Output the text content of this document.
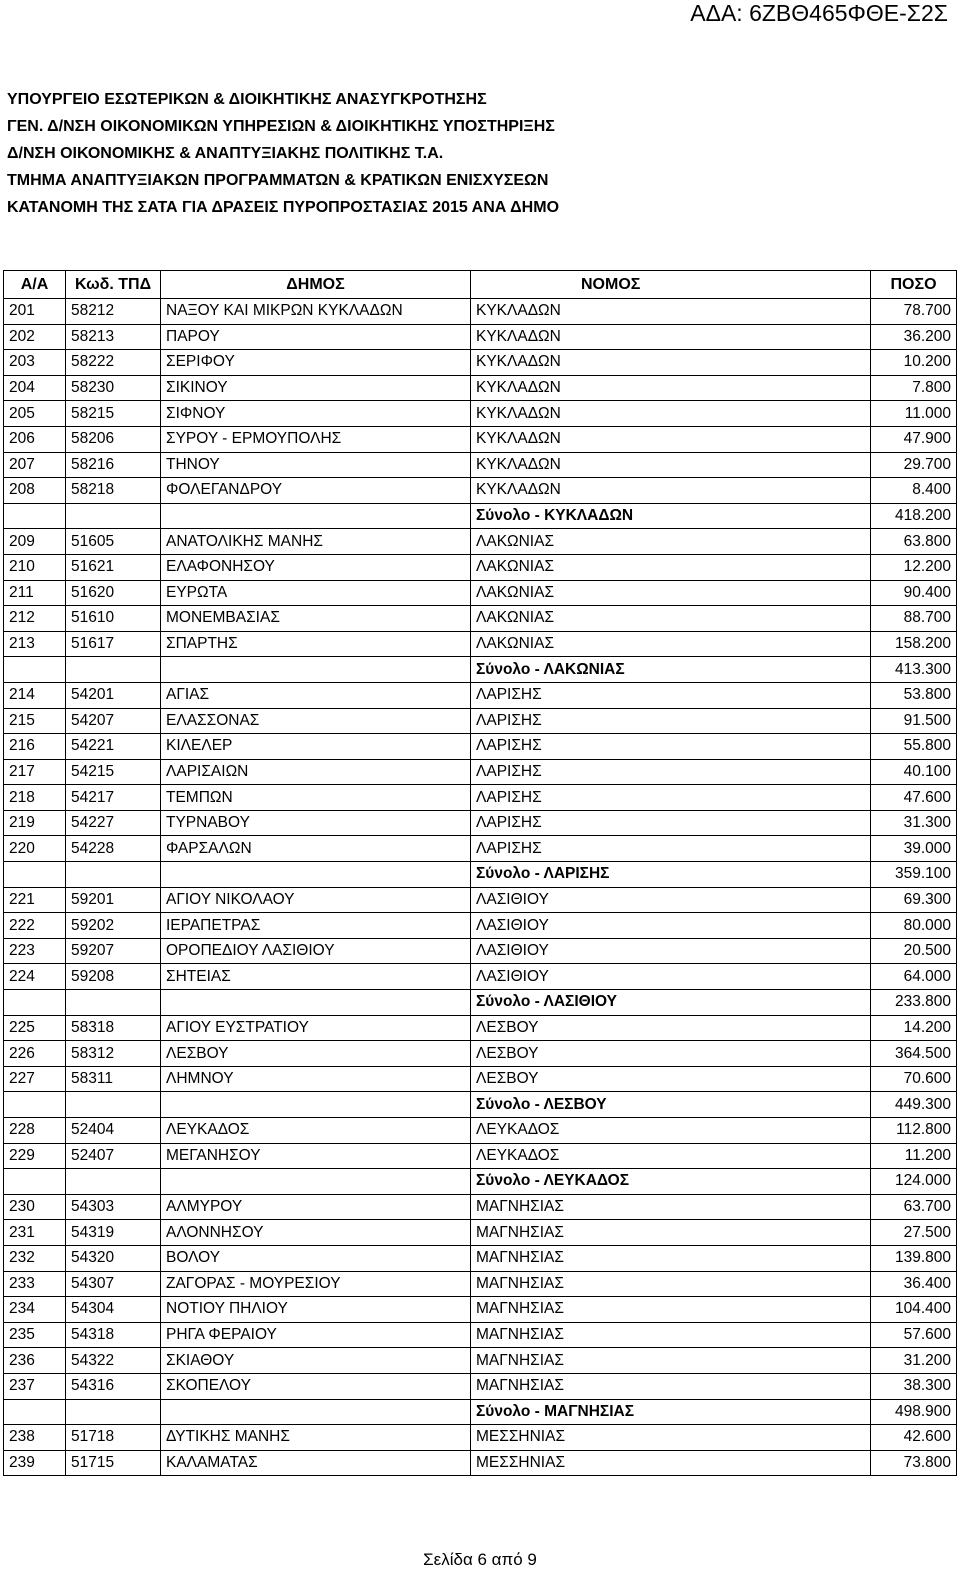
ΑΔΑ: 6ΖΒΘ465ΦΘΕ-Σ2Σ
ΥΠΟΥΡΓΕΙΟ ΕΣΩΤΕΡΙΚΩΝ & ΔΙΟΙΚΗΤΙΚΗΣ ΑΝΑΣΥΓΚΡΟΤΗΣΗΣ
ΓΕΝ. Δ/ΝΣΗ ΟΙΚΟΝΟΜΙΚΩΝ ΥΠΗΡΕΣΙΩΝ & ΔΙΟΙΚΗΤΙΚΗΣ ΥΠΟΣΤΗΡΙΞΗΣ
Δ/ΝΣΗ ΟΙΚΟΝΟΜΙΚΗΣ & ΑΝΑΠΤΥΞΙΑΚΗΣ ΠΟΛΙΤΙΚΗΣ Τ.Α.
ΤΜΗΜΑ ΑΝΑΠΤΥΞΙΑΚΩΝ ΠΡΟΓΡΑΜΜΑΤΩΝ & ΚΡΑΤΙΚΩΝ ΕΝΙΣΧΥΣΕΩΝ
ΚΑΤΑΝΟΜΗ ΤΗΣ ΣΑΤΑ ΓΙΑ ΔΡΑΣΕΙΣ ΠΥΡΟΠΡΟΣΤΑΣΙΑΣ 2015 ΑΝΑ ΔΗΜΟ
Α/Α	Κωδ. ΤΠΔ	ΔΗΜΟΣ	ΝΟΜΟΣ	ΠΟΣΟ
201	58212	ΝΑΞΟΥ ΚΑΙ ΜΙΚΡΩΝ ΚΥΚΛΑΔΩΝ	ΚΥΚΛΑΔΩΝ	78.700
202	58213	ΠΑΡΟΥ	ΚΥΚΛΑΔΩΝ	36.200
203	58222	ΣΕΡΙΦΟΥ	ΚΥΚΛΑΔΩΝ	10.200
204	58230	ΣΙΚΙΝΟΥ	ΚΥΚΛΑΔΩΝ	7.800
205	58215	ΣΙΦΝΟΥ	ΚΥΚΛΑΔΩΝ	11.000
206	58206	ΣΥΡΟΥ - ΕΡΜΟΥΠΟΛΗΣ	ΚΥΚΛΑΔΩΝ	47.900
207	58216	ΤΗΝΟΥ	ΚΥΚΛΑΔΩΝ	29.700
208	58218	ΦΟΛΕΓΑΝΔΡΟΥ	ΚΥΚΛΑΔΩΝ	8.400
			Σύνολο - ΚΥΚΛΑΔΩΝ	418.200
209	51605	ΑΝΑΤΟΛΙΚΗΣ ΜΑΝΗΣ	ΛΑΚΩΝΙΑΣ	63.800
210	51621	ΕΛΑΦΟΝΗΣΟΥ	ΛΑΚΩΝΙΑΣ	12.200
211	51620	ΕΥΡΩΤΑ	ΛΑΚΩΝΙΑΣ	90.400
212	51610	ΜΟΝΕΜΒΑΣΙΑΣ	ΛΑΚΩΝΙΑΣ	88.700
213	51617	ΣΠΑΡΤΗΣ	ΛΑΚΩΝΙΑΣ	158.200
			Σύνολο - ΛΑΚΩΝΙΑΣ	413.300
214	54201	ΑΓΙΑΣ	ΛΑΡΙΣΗΣ	53.800
215	54207	ΕΛΑΣΣΟΝΑΣ	ΛΑΡΙΣΗΣ	91.500
216	54221	ΚΙΛΕΛΕΡ	ΛΑΡΙΣΗΣ	55.800
217	54215	ΛΑΡΙΣΑΙΩΝ	ΛΑΡΙΣΗΣ	40.100
218	54217	ΤΕΜΠΩΝ	ΛΑΡΙΣΗΣ	47.600
219	54227	ΤΥΡΝΑΒΟΥ	ΛΑΡΙΣΗΣ	31.300
220	54228	ΦΑΡΣΑΛΩΝ	ΛΑΡΙΣΗΣ	39.000
			Σύνολο - ΛΑΡΙΣΗΣ	359.100
221	59201	ΑΓΙΟΥ ΝΙΚΟΛΑΟΥ	ΛΑΣΙΘΙΟΥ	69.300
222	59202	ΙΕΡΑΠΕΤΡΑΣ	ΛΑΣΙΘΙΟΥ	80.000
223	59207	ΟΡΟΠΕΔΙΟΥ ΛΑΣΙΘΙΟΥ	ΛΑΣΙΘΙΟΥ	20.500
224	59208	ΣΗΤΕΙΑΣ	ΛΑΣΙΘΙΟΥ	64.000
			Σύνολο - ΛΑΣΙΘΙΟΥ	233.800
225	58318	ΑΓΙΟΥ ΕΥΣΤΡΑΤΙΟΥ	ΛΕΣΒΟΥ	14.200
226	58312	ΛΕΣΒΟΥ	ΛΕΣΒΟΥ	364.500
227	58311	ΛΗΜΝΟΥ	ΛΕΣΒΟΥ	70.600
			Σύνολο - ΛΕΣΒΟΥ	449.300
228	52404	ΛΕΥΚΑΔΟΣ	ΛΕΥΚΑΔΟΣ	112.800
229	52407	ΜΕΓΑΝΗΣΟΥ	ΛΕΥΚΑΔΟΣ	11.200
			Σύνολο - ΛΕΥΚΑΔΟΣ	124.000
230	54303	ΑΛΜΥΡΟΥ	ΜΑΓΝΗΣΙΑΣ	63.700
231	54319	ΑΛΟΝΝΗΣΟΥ	ΜΑΓΝΗΣΙΑΣ	27.500
232	54320	ΒΟΛΟΥ	ΜΑΓΝΗΣΙΑΣ	139.800
233	54307	ΖΑΓΟΡΑΣ - ΜΟΥΡΕΣΙΟΥ	ΜΑΓΝΗΣΙΑΣ	36.400
234	54304	ΝΟΤΙΟΥ ΠΗΛΙΟΥ	ΜΑΓΝΗΣΙΑΣ	104.400
235	54318	ΡΗΓΑ ΦΕΡΑΙΟΥ	ΜΑΓΝΗΣΙΑΣ	57.600
236	54322	ΣΚΙΑΘΟΥ	ΜΑΓΝΗΣΙΑΣ	31.200
237	54316	ΣΚΟΠΕΛΟΥ	ΜΑΓΝΗΣΙΑΣ	38.300
			Σύνολο - ΜΑΓΝΗΣΙΑΣ	498.900
238	51718	ΔΥΤΙΚΗΣ ΜΑΝΗΣ	ΜΕΣΣΗΝΙΑΣ	42.600
239	51715	ΚΑΛΑΜΑΤΑΣ	ΜΕΣΣΗΝΙΑΣ	73.800
Σελίδα 6 από 9
